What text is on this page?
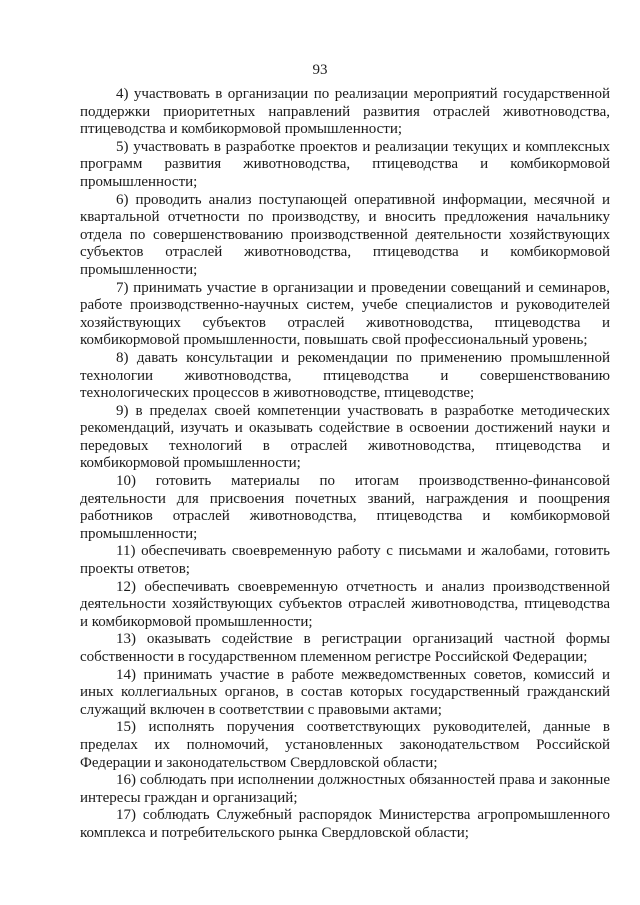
93

4) участвовать в организации по реализации мероприятий государственной поддержки приоритетных направлений развития отраслей животноводства, птицеводства и комбикормовой промышленности;

5) участвовать в разработке проектов и реализации текущих и комплексных программ развития животноводства, птицеводства и комбикормовой промышленности;

6) проводить анализ поступающей оперативной информации, месячной и квартальной отчетности по производству, и вносить предложения начальнику отдела по совершенствованию производственной деятельности хозяйствующих субъектов отраслей животноводства, птицеводства и комбикормовой промышленности;

7) принимать участие в организации и проведении совещаний и семинаров, работе производственно-научных систем, учебе специалистов и руководителей хозяйствующих субъектов отраслей животноводства, птицеводства и комбикормовой промышленности, повышать свой профессиональный уровень;

8) давать консультации и рекомендации по применению промышленной технологии животноводства, птицеводства и совершенствованию технологических процессов в животноводстве, птицеводстве;

9) в пределах своей компетенции участвовать в разработке методических рекомендаций, изучать и оказывать содействие в освоении достижений науки и передовых технологий в отраслей животноводства, птицеводства и комбикормовой промышленности;

10) готовить материалы по итогам производственно-финансовой деятельности для присвоения почетных званий, награждения и поощрения работников отраслей животноводства, птицеводства и комбикормовой промышленности;

11) обеспечивать своевременную работу с письмами и жалобами, готовить проекты ответов;

12) обеспечивать своевременную отчетность и анализ производственной деятельности хозяйствующих субъектов отраслей животноводства, птицеводства и комбикормовой промышленности;

13) оказывать содействие в регистрации организаций частной формы собственности в государственном племенном регистре Российской Федерации;

14) принимать участие в работе межведомственных советов, комиссий и иных коллегиальных органов, в состав которых государственный гражданский служащий включен в соответствии с правовыми актами;

15) исполнять поручения соответствующих руководителей, данные в пределах их полномочий, установленных законодательством Российской Федерации и законодательством Свердловской области;

16) соблюдать при исполнении должностных обязанностей права и законные интересы граждан и организаций;

17) соблюдать Служебный распорядок Министерства агропромышленного комплекса и потребительского рынка Свердловской области;
